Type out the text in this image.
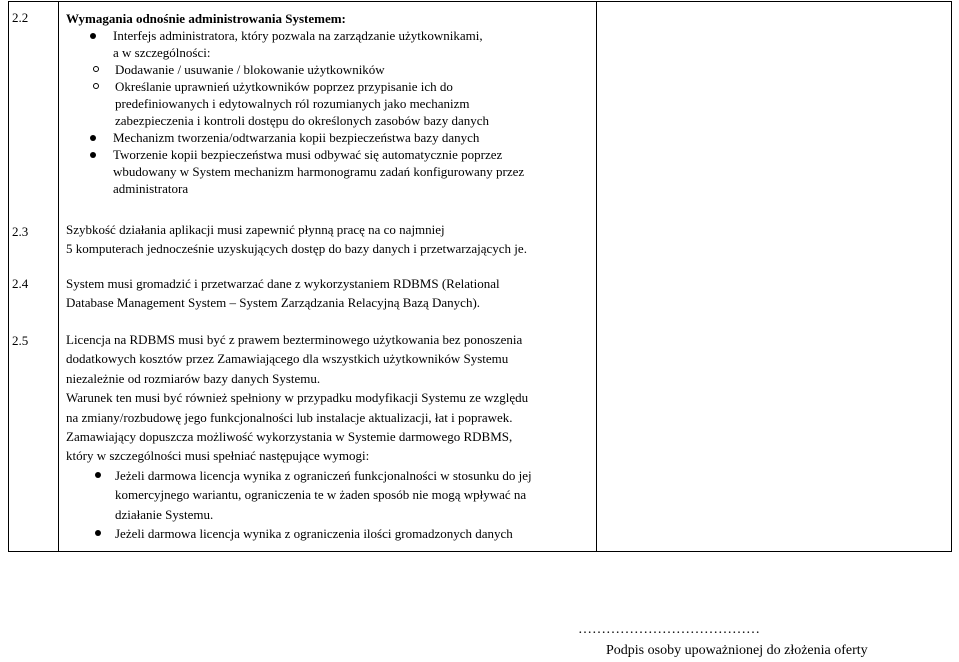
2.2	Wymagania odnośnie administrowania Systemem:
Interfejs administratora, który pozwala na zarządzanie użytkownikami,
a w szczególności:
Dodawanie / usuwanie / blokowanie użytkowników
Określanie uprawnień użytkowników poprzez przypisanie ich do
predefiniowanych i edytowalnych ról rozumianych jako mechanizm
zabezpieczenia i kontroli dostępu do określonych zasobów bazy danych
Mechanizm tworzenia/odtwarzania kopii bezpieczeństwa bazy danych
Tworzenie kopii bezpieczeństwa musi odbywać się automatycznie poprzez
wbudowany w System mechanizm harmonogramu zadań konfigurowany przez
administratora
2.3	Szybkość działania aplikacji musi zapewnić płynną pracę na co najmniej
5 komputerach jednocześnie uzyskujących dostęp do bazy danych i przetwarzających je.
2.4	System musi gromadzić i przetwarzać dane z wykorzystaniem RDBMS (Relational
Database Management System – System Zarządzania Relacyjną Bazą Danych).
2.5	Licencja na RDBMS musi być z prawem bezterminowego użytkowania bez ponoszenia
dodatkowych kosztów przez Zamawiającego dla wszystkich użytkowników Systemu
niezależnie od rozmiarów bazy danych Systemu.
Warunek ten musi być również spełniony w przypadku modyfikacji Systemu ze względu
na zmiany/rozbudowę jego funkcjonalności lub instalacje aktualizacji, łat i poprawek.
Zamawiający dopuszcza możliwość wykorzystania w Systemie darmowego RDBMS,
który w szczególności musi spełniać następujące wymogi:
Jeżeli darmowa licencja wynika z ograniczeń funkcjonalności w stosunku do jej
komercyjnego wariantu, ograniczenia te w żaden sposób nie mogą wpływać na
działanie Systemu.
Jeżeli darmowa licencja wynika z ograniczenia ilości gromadzonych danych
…………………………………
Podpis osoby upoważnionej do złożenia oferty
